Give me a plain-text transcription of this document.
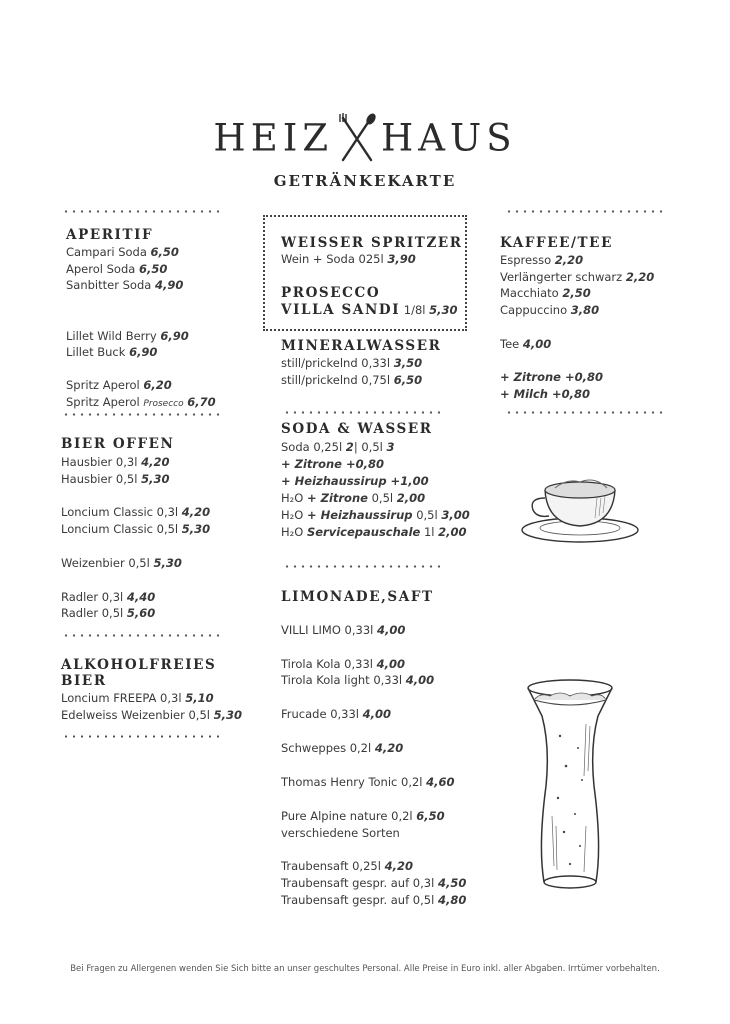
HEIZ HAUS
GETRÄNKEKARTE
APERITIF
Campari Soda 6,50
Aperol Soda 6,50
Sanbitter Soda 4,90
Lillet Wild Berry 6,90
Lillet Buck 6,90
Spritz Aperol 6,20
Spritz Aperol Prosecco 6,70
BIER OFFEN
Hausbier 0,3l 4,20
Hausbier 0,5l 5,30
Loncium Classic 0,3l 4,20
Loncium Classic 0,5l 5,30
Weizenbier 0,5l 5,30
Radler 0,3l 4,40
Radler 0,5l 5,60
ALKOHOLFREIES
BIER
Loncium FREEPA 0,3l 5,10
Edelweiss Weizenbier 0,5l 5,30
WEISSER SPRITZER
Wein + Soda 025l 3,90
PROSECCO
VILLA SANDI 1/8l 5,30
MINERALWASSER
still/prickelnd 0,33l 3,50
still/prickelnd 0,75l 6,50
SODA & WASSER
Soda 0,25l 2| 0,5l 3
+ Zitrone +0,80
+ Heizhaussirup +1,00
H₂O + Zitrone 0,5l 2,00
H₂O + Heizhaussirup 0,5l 3,00
H₂O Servicepauschale 1l 2,00
LIMONADE,SAFT
VILLI LIMO 0,33l 4,00
Tirola Kola 0,33l 4,00
Tirola Kola light 0,33l 4,00
Frucade 0,33l 4,00
Schweppes 0,2l 4,20
Thomas Henry Tonic 0,2l 4,60
Pure Alpine nature 0,2l 6,50
verschiedene Sorten
Traubensaft 0,25l 4,20
Traubensaft gespr. auf 0,3l 4,50
Traubensaft gespr. auf 0,5l 4,80
KAFFEE/TEE
Espresso 2,20
Verlängerter schwarz 2,20
Macchiato 2,50
Cappuccino 3,80
Tee 4,00
+ Zitrone +0,80
+ Milch +0,80
Bei Fragen zu Allergenen wenden Sie Sich bitte an unser geschultes Personal. Alle Preise in Euro inkl. aller Abgaben. Irrtümer vorbehalten.
